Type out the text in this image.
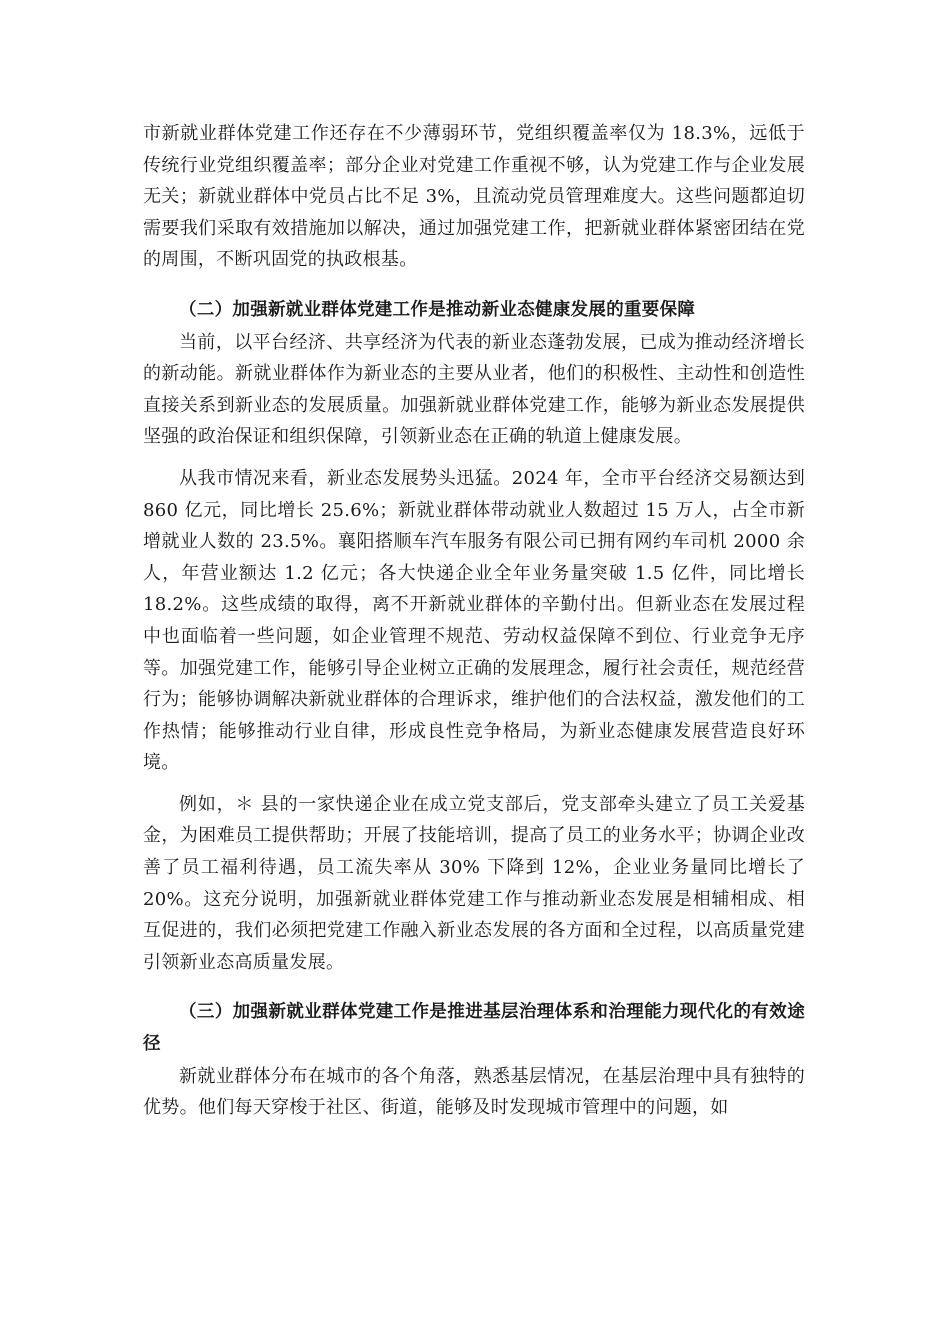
市新就业群体党建工作还存在不少薄弱环节，党组织覆盖率仅为 18.3%，远低于传统行业党组织覆盖率；部分企业对党建工作重视不够，认为党建工作与企业发展无关；新就业群体中党员占比不足 3%，且流动党员管理难度大。这些问题都迫切需要我们采取有效措施加以解决，通过加强党建工作，把新就业群体紧密团结在党的周围，不断巩固党的执政根基。

（二）加强新就业群体党建工作是推动新业态健康发展的重要保障

当前，以平台经济、共享经济为代表的新业态蓬勃发展，已成为推动经济增长的新动能。新就业群体作为新业态的主要从业者，他们的积极性、主动性和创造性直接关系到新业态的发展质量。加强新就业群体党建工作，能够为新业态发展提供坚强的政治保证和组织保障，引领新业态在正确的轨道上健康发展。

从我市情况来看，新业态发展势头迅猛。2024 年，全市平台经济交易额达到 860 亿元，同比增长 25.6%；新就业群体带动就业人数超过 15 万人，占全市新增就业人数的 23.5%。襄阳搭顺车汽车服务有限公司已拥有网约车司机 2000 余人，年营业额达 1.2 亿元；各大快递企业全年业务量突破 1.5 亿件，同比增长 18.2%。这些成绩的取得，离不开新就业群体的辛勤付出。但新业态在发展过程中也面临着一些问题，如企业管理不规范、劳动权益保障不到位、行业竞争无序等。加强党建工作，能够引导企业树立正确的发展理念，履行社会责任，规范经营行为；能够协调解决新就业群体的合理诉求，维护他们的合法权益，激发他们的工作热情；能够推动行业自律，形成良性竞争格局，为新业态健康发展营造良好环境。

例如，＊ 县的一家快递企业在成立党支部后，党支部牵头建立了员工关爱基金，为困难员工提供帮助；开展了技能培训，提高了员工的业务水平；协调企业改善了员工福利待遇，员工流失率从 30% 下降到 12%，企业业务量同比增长了 20%。这充分说明，加强新就业群体党建工作与推动新业态发展是相辅相成、相互促进的，我们必须把党建工作融入新业态发展的各方面和全过程，以高质量党建引领新业态高质量发展。

（三）加强新就业群体党建工作是推进基层治理体系和治理能力现代化的有效途径

新就业群体分布在城市的各个角落，熟悉基层情况，在基层治理中具有独特的优势。他们每天穿梭于社区、街道，能够及时发现城市管理中的问题，如
